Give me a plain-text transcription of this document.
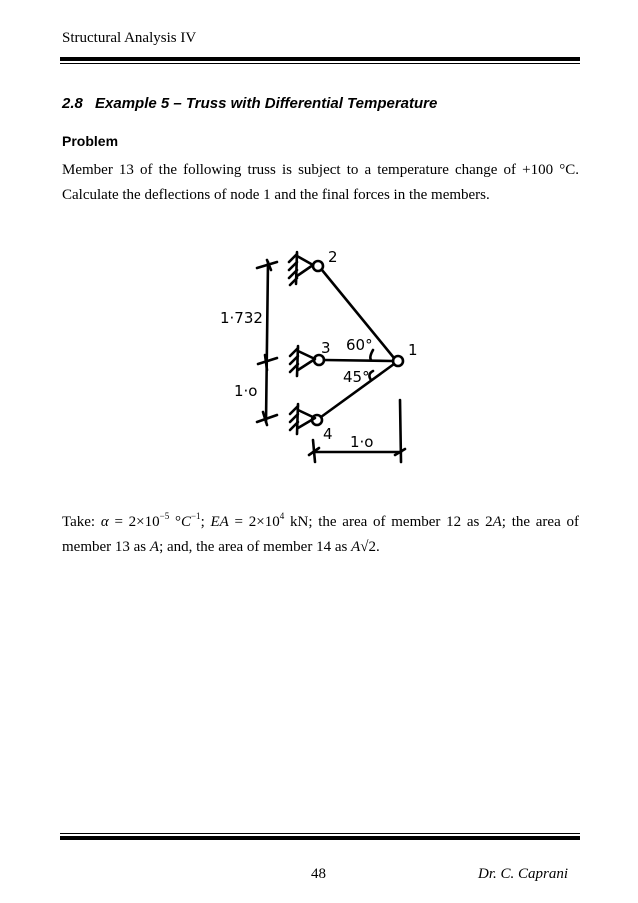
Structural Analysis IV
2.8 Example 5 – Truss with Differential Temperature
Problem
Member 13 of the following truss is subject to a temperature change of +100 °C. Calculate the deflections of node 1 and the final forces in the members.
2
3
4
1
1·732
1·o
1·o
60°
45°
Take: $\alpha = 2\times 10^{-5}$ $^\circ C^{-1}$; EA = $2\times 10^4$ kN; the area of member 12 as 2A; the area of member 13 as A; and, the area of member 14 as A√2.
48	Dr. C. Caprani
